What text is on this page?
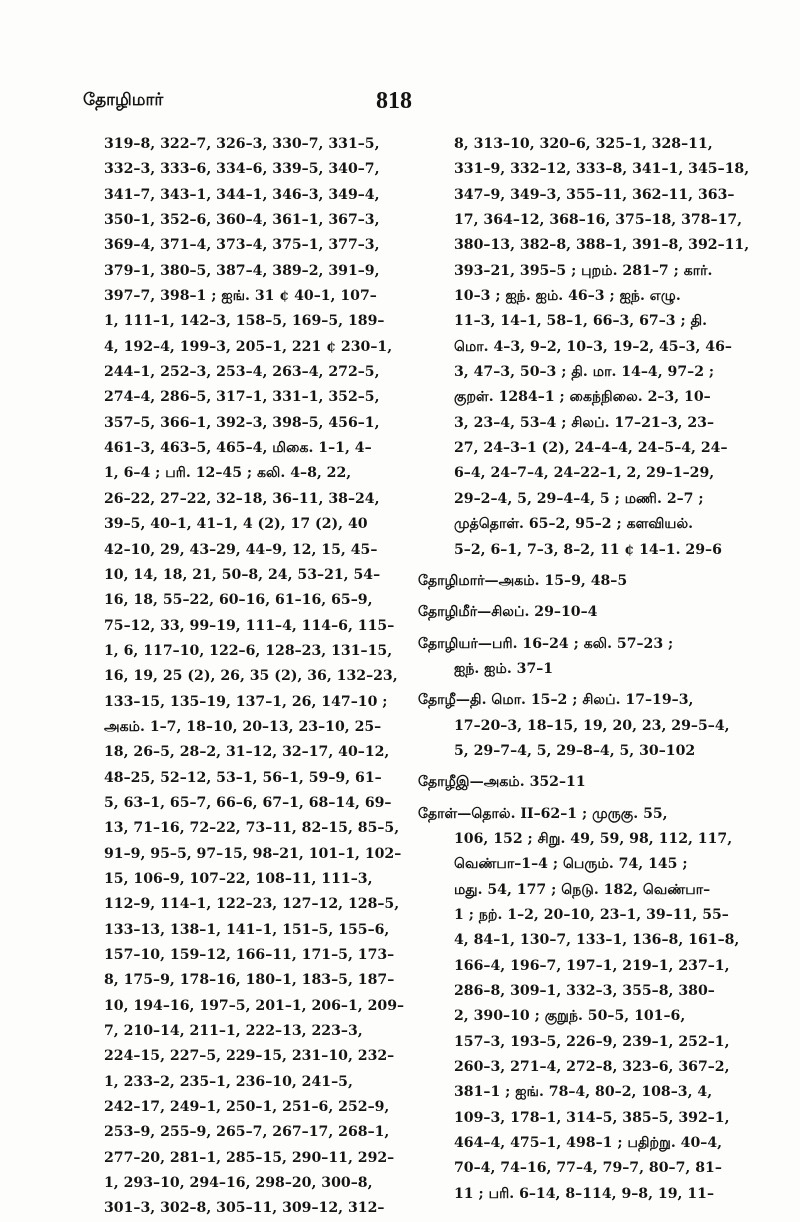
தோழிமார்	818
319–8, 322–7, 326–3, 330–7, 331–5,
332–3, 333–6, 334–6, 339–5, 340–7,
341–7, 343–1, 344–1, 346–3, 349–4,
350–1, 352–6, 360–4, 361–1, 367–3,
369–4, 371–4, 373–4, 375–1, 377–3,
379–1, 380–5, 387–4, 389–2, 391–9,
397–7, 398–1 ; ஐங். 31 ¢ 40–1, 107–
1, 111–1, 142–3, 158–5, 169–5, 189–
4, 192–4, 199–3, 205–1, 221 ¢ 230–1,
244–1, 252–3, 253–4, 263–4, 272–5,
274–4, 286–5, 317–1, 331–1, 352–5,
357–5, 366–1, 392–3, 398–5, 456–1,
461–3, 463–5, 465–4, மிகை. 1–1, 4–
1, 6–4 ; பரி. 12–45 ; கலி. 4–8, 22,
26–22, 27–22, 32–18, 36–11, 38–24,
39–5, 40–1, 41–1, 4 (2), 17 (2), 40
42–10, 29, 43–29, 44–9, 12, 15, 45–
10, 14, 18, 21, 50–8, 24, 53–21, 54–
16, 18, 55–22, 60–16, 61–16, 65–9,
75–12, 33, 99–19, 111–4, 114–6, 115–
1, 6, 117–10, 122–6, 128–23, 131–15,
16, 19, 25 (2), 26, 35 (2), 36, 132–23,
133–15, 135–19, 137–1, 26, 147–10 ;
அகம். 1–7, 18–10, 20–13, 23–10, 25–
18, 26–5, 28–2, 31–12, 32–17, 40–12,
48–25, 52–12, 53–1, 56–1, 59–9, 61–
5, 63–1, 65–7, 66–6, 67–1, 68–14, 69–
13, 71–16, 72–22, 73–11, 82–15, 85–5,
91–9, 95–5, 97–15, 98–21, 101–1, 102–
15, 106–9, 107–22, 108–11, 111–3,
112–9, 114–1, 122–23, 127–12, 128–5,
133–13, 138–1, 141–1, 151–5, 155–6,
157–10, 159–12, 166–11, 171–5, 173–
8, 175–9, 178–16, 180–1, 183–5, 187–
10, 194–16, 197–5, 201–1, 206–1, 209–
7, 210–14, 211–1, 222–13, 223–3,
224–15, 227–5, 229–15, 231–10, 232–
1, 233–2, 235–1, 236–10, 241–5,
242–17, 249–1, 250–1, 251–6, 252–9,
253–9, 255–9, 265–7, 267–17, 268–1,
277–20, 281–1, 285–15, 290–11, 292–
1, 293–10, 294–16, 298–20, 300–8,
301–3, 302–8, 305–11, 309–12, 312–
8, 313–10, 320–6, 325–1, 328–11,
331–9, 332–12, 333–8, 341–1, 345–18,
347–9, 349–3, 355–11, 362–11, 363–
17, 364–12, 368–16, 375–18, 378–17,
380–13, 382–8, 388–1, 391–8, 392–11,
393–21, 395–5 ; புறம். 281–7 ; கார்.
10–3 ; ஐந். ஐம். 46–3 ; ஐந். எழு.
11–3, 14–1, 58–1, 66–3, 67–3 ; தி.
மொ. 4–3, 9–2, 10–3, 19–2, 45–3, 46–
3, 47–3, 50–3 ; தி. மா. 14–4, 97–2 ;
குறள். 1284–1 ; கைந்நிலை. 2–3, 10–
3, 23–4, 53–4 ; சிலப். 17–21–3, 23–
27, 24–3–1 (2), 24–4–4, 24–5–4, 24–
6–4, 24–7–4, 24–22–1, 2, 29–1–29,
29–2–4, 5, 29–4–4, 5 ; மணி. 2–7 ;
முத்தொள். 65–2, 95–2 ; களவியல்.
5–2, 6–1, 7–3, 8–2, 11 ¢ 14–1. 29–6
தோழிமார்—அகம். 15–9, 48–5
தோழிமீர்—சிலப். 29–10–4
தோழியர்—பரி. 16–24 ; கலி. 57–23 ;
ஐந். ஐம். 37–1
தோழீ—தி. மொ. 15–2 ; சிலப். 17–19–3,
17–20–3, 18–15, 19, 20, 23, 29–5–4,
5, 29–7–4, 5, 29–8–4, 5, 30–102
தோழீஇ—அகம். 352–11
தோள்—தொல். II–62–1 ; முருகு. 55,
106, 152 ; சிறு. 49, 59, 98, 112, 117,
வெண்பா–1–4 ; பெரும். 74, 145 ;
மது. 54, 177 ; நெடு. 182, வெண்பா–
1 ; நற். 1–2, 20–10, 23–1, 39–11, 55–
4, 84–1, 130–7, 133–1, 136–8, 161–8,
166–4, 196–7, 197–1, 219–1, 237–1,
286–8, 309–1, 332–3, 355–8, 380–
2, 390–10 ; குறுந். 50–5, 101–6,
157–3, 193–5, 226–9, 239–1, 252–1,
260–3, 271–4, 272–8, 323–6, 367–2,
381–1 ; ஐங். 78–4, 80–2, 108–3, 4,
109–3, 178–1, 314–5, 385–5, 392–1,
464–4, 475–1, 498–1 ; பதிற்று. 40–4,
70–4, 74–16, 77–4, 79–7, 80–7, 81–
11 ; பரி. 6–14, 8–114, 9–8, 19, 11–
